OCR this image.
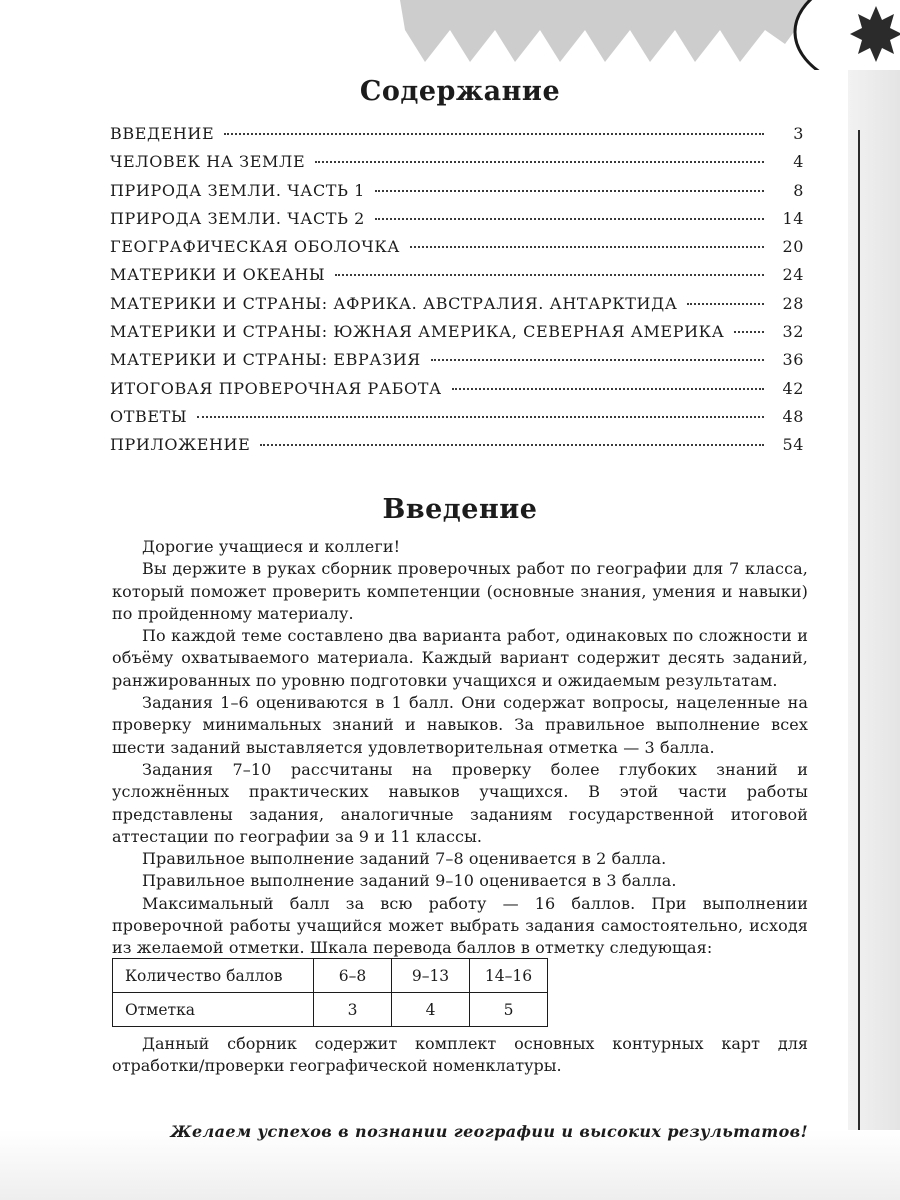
Содержание
ВВЕДЕНИЕ	3
ЧЕЛОВЕК НА ЗЕМЛЕ	4
ПРИРОДА ЗЕМЛИ. ЧАСТЬ 1	8
ПРИРОДА ЗЕМЛИ. ЧАСТЬ 2	14
ГЕОГРАФИЧЕСКАЯ ОБОЛОЧКА	20
МАТЕРИКИ И ОКЕАНЫ	24
МАТЕРИКИ И СТРАНЫ: АФРИКА. АВСТРАЛИЯ. АНТАРКТИДА	28
МАТЕРИКИ И СТРАНЫ: ЮЖНАЯ АМЕРИКА, СЕВЕРНАЯ АМЕРИКА	32
МАТЕРИКИ И СТРАНЫ: ЕВРАЗИЯ	36
ИТОГОВАЯ ПРОВЕРОЧНАЯ РАБОТА	42
ОТВЕТЫ	48
ПРИЛОЖЕНИЕ	54
Введение

Дорогие учащиеся и коллеги!

Вы держите в руках сборник проверочных работ по географии для 7 класса, который поможет проверить компетенции (основные знания, умения и навыки) по пройденному материалу.

По каждой теме составлено два варианта работ, одинаковых по сложности и объёму охватываемого материала. Каждый вариант содержит десять заданий, ранжированных по уровню подготовки учащихся и ожидаемым результатам.

Задания 1–6 оцениваются в 1 балл. Они содержат вопросы, нацеленные на проверку минимальных знаний и навыков. За правильное выполнение всех шести заданий выставляется удовлетворительная отметка — 3 балла.

Задания 7–10 рассчитаны на проверку более глубоких знаний и усложнённых практических навыков учащихся. В этой части работы представлены задания, аналогичные заданиям государственной итоговой аттестации по географии за 9 и 11 классы.

Правильное выполнение заданий 7–8 оценивается в 2 балла.

Правильное выполнение заданий 9–10 оценивается в 3 балла.

Максимальный балл за всю работу — 16 баллов. При выполнении проверочной работы учащийся может выбрать задания самостоятельно, исходя из желаемой отметки. Шкала перевода баллов в отметку следующая:

Количество баллов	6–8	9–13	14–16
Отметка	3	4	5

Данный сборник содержит комплект основных контурных карт для отработки/проверки географической номенклатуры.

Желаем успехов в познании географии и высоких результатов!
